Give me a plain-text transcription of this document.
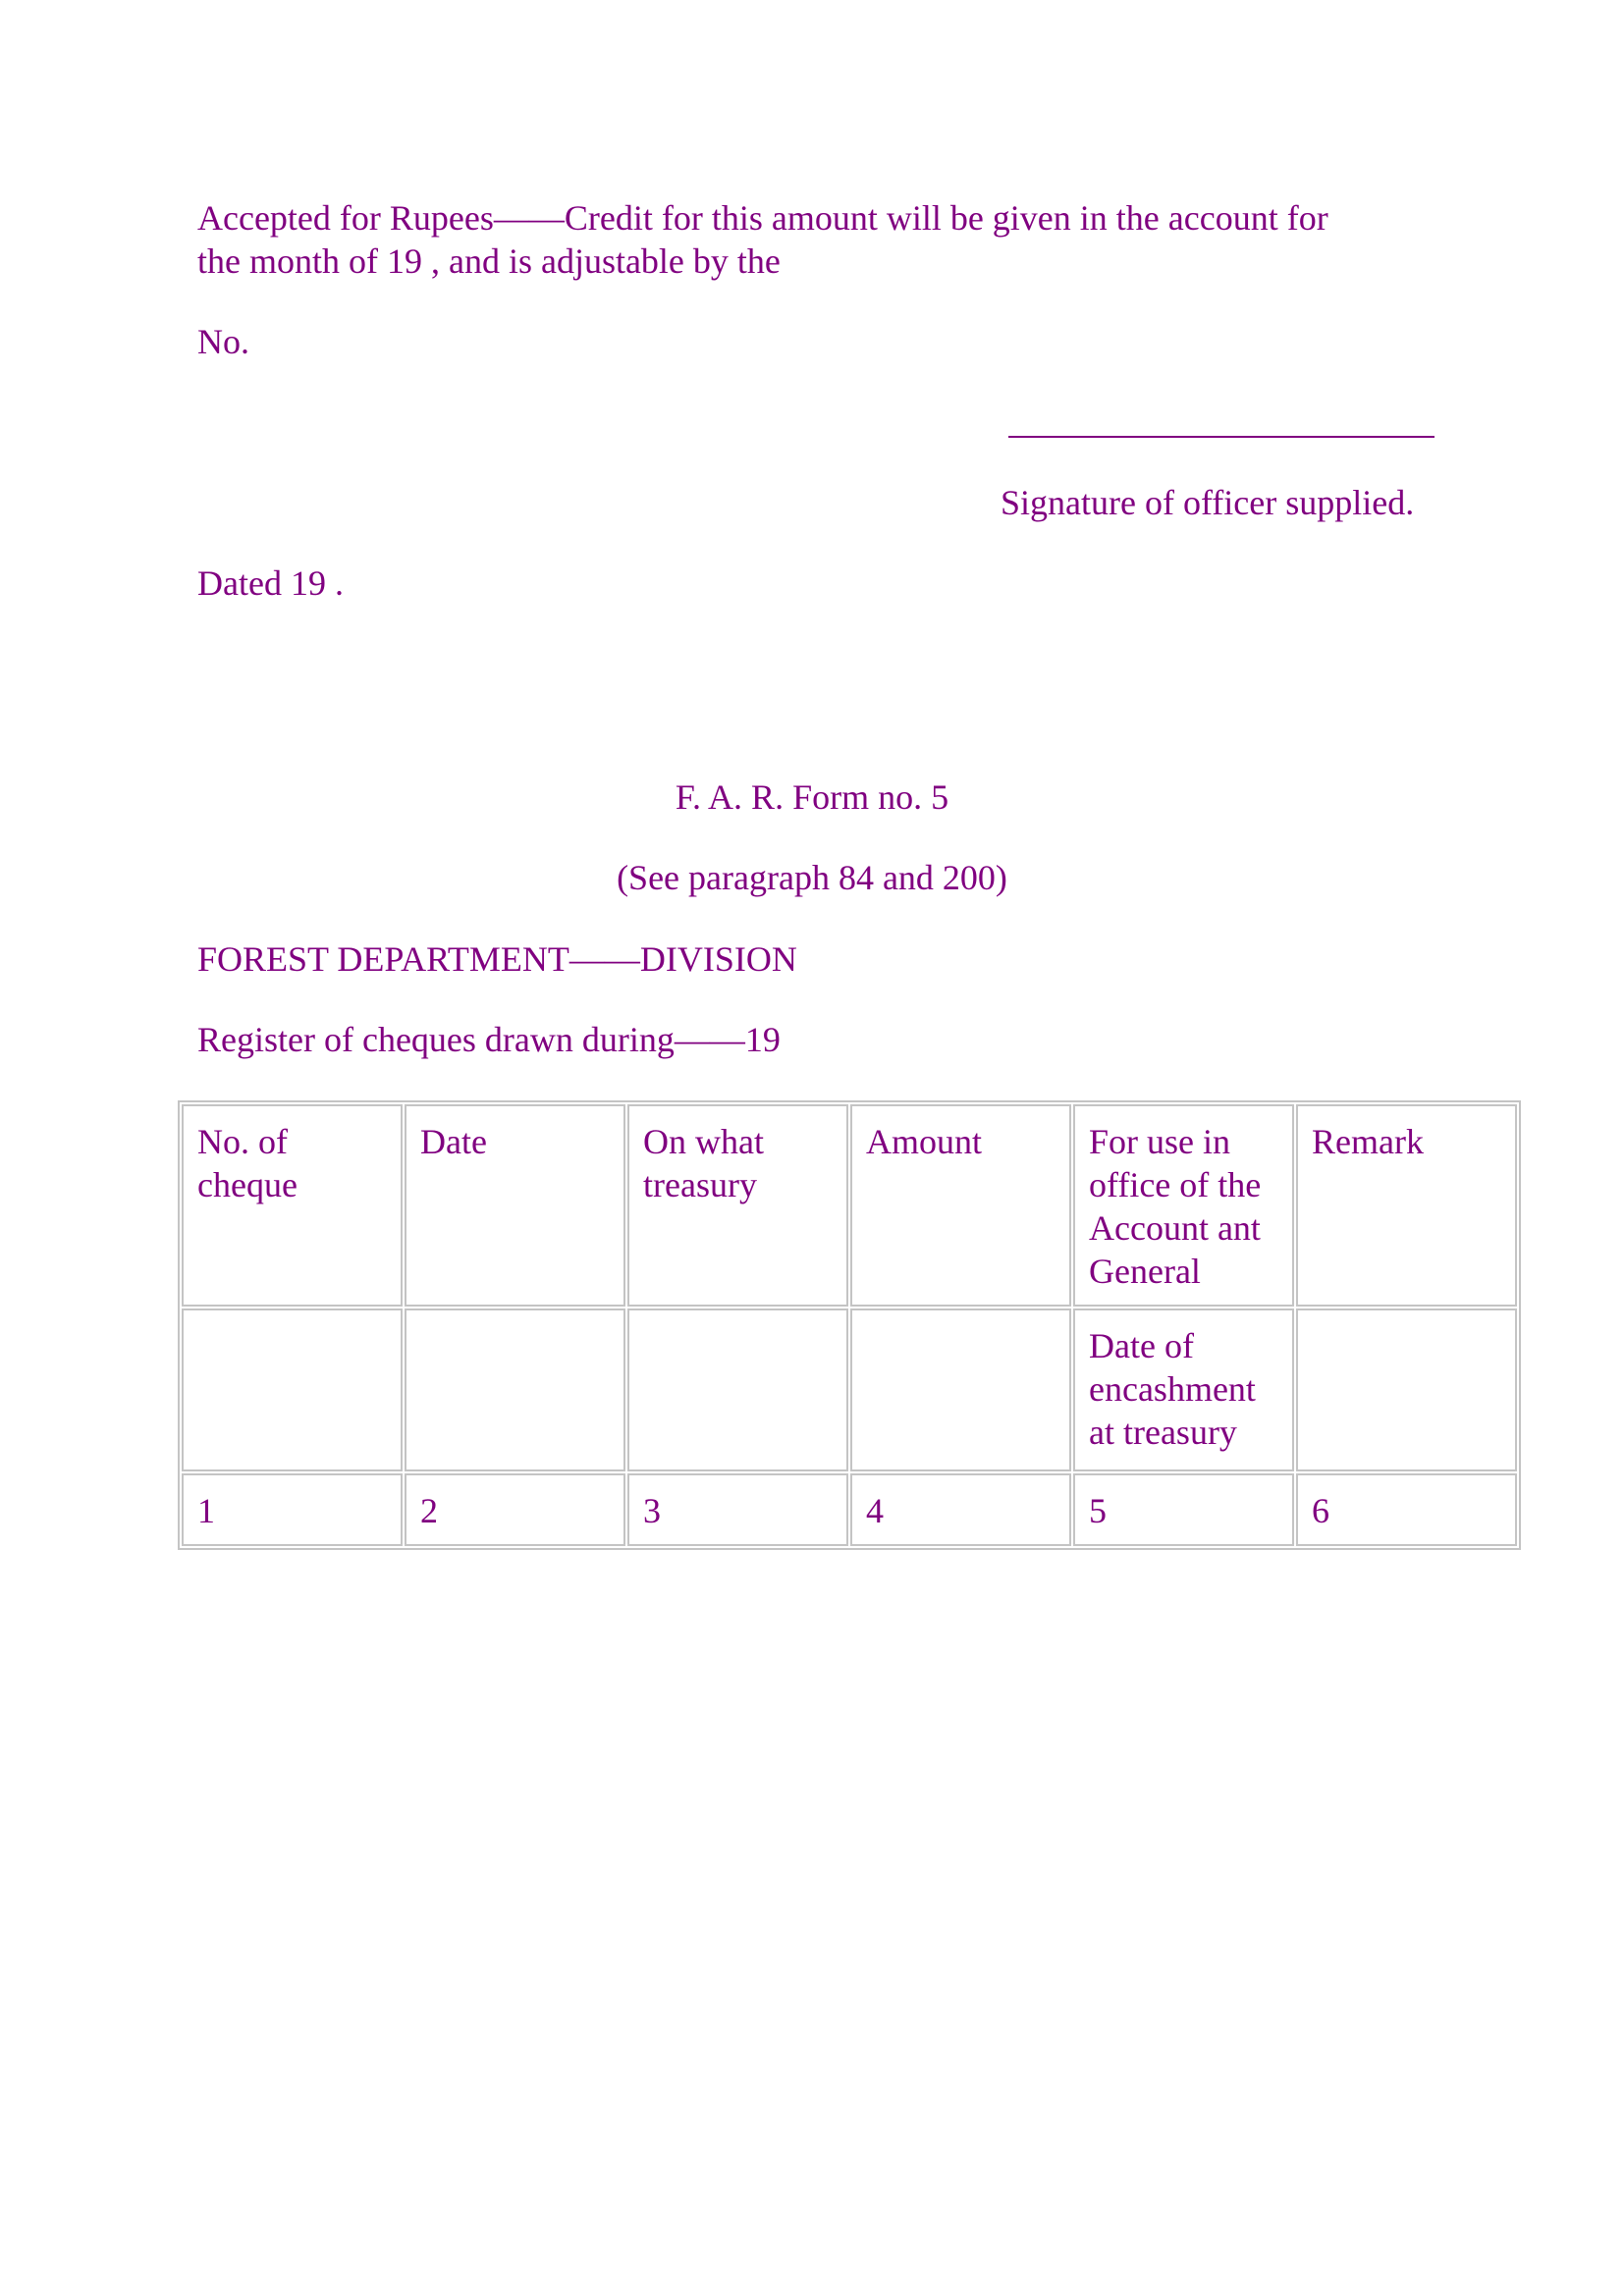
Accepted for Rupees——Credit for this amount will be given in the account for
the month of 19 , and is adjustable by the

No.

Signature of officer supplied.

Dated 19 .

F. A. R. Form no. 5

(See paragraph 84 and 200)

FOREST DEPARTMENT——DIVISION

Register of cheques drawn during——19

No. of cheque	Date	On what treasury	Amount	For use in office of the Account ant General	Remark
				Date of encashment at treasury	
1	2	3	4	5	6
